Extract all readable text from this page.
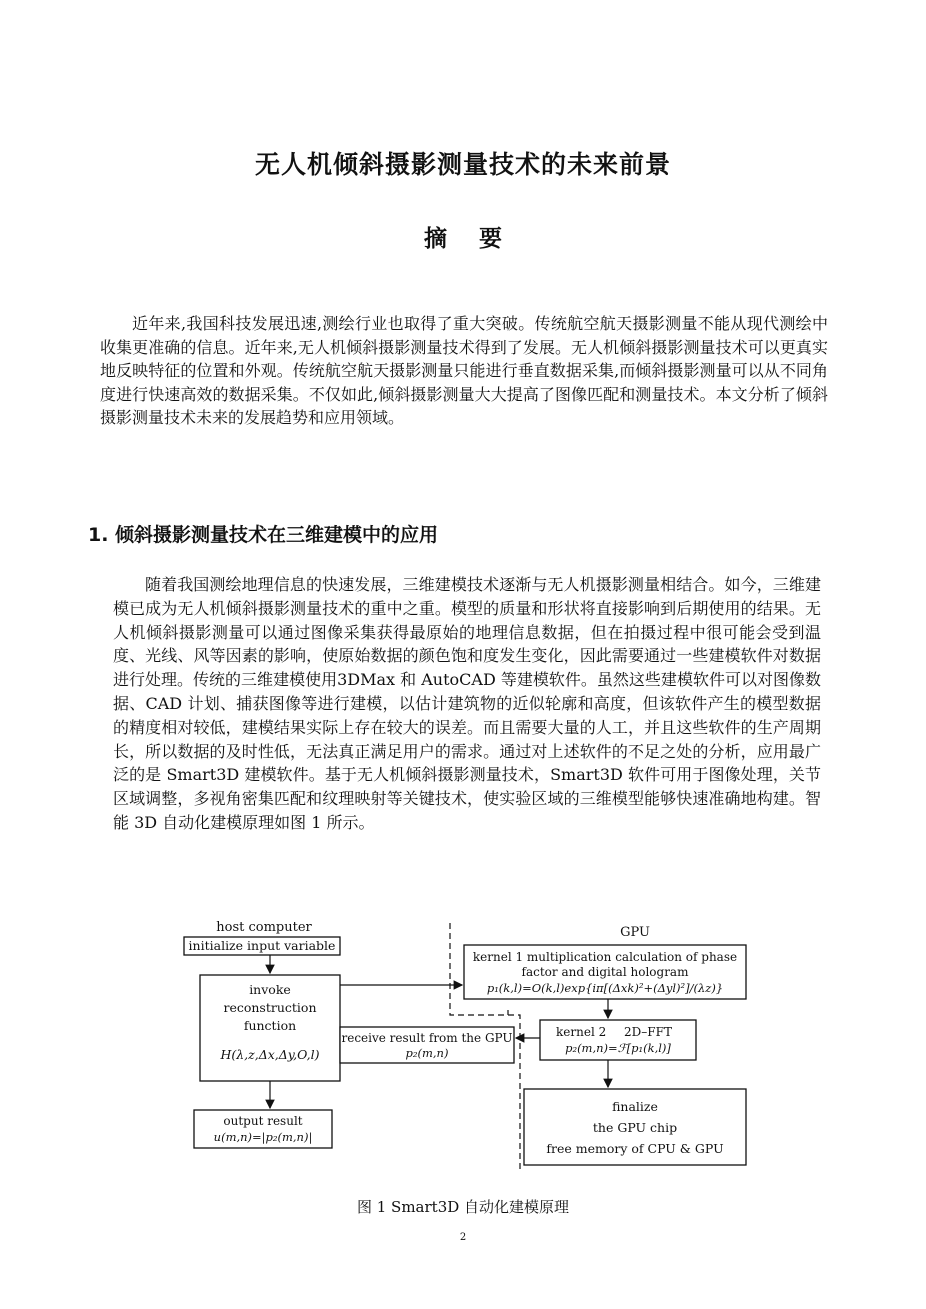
无人机倾斜摄影测量技术的未来前景
摘 要
近年来,我国科技发展迅速,测绘行业也取得了重大突破。传统航空航天摄影测量不能从现代测绘中收集更准确的信息。近年来,无人机倾斜摄影测量技术得到了发展。无人机倾斜摄影测量技术可以更真实地反映特征的位置和外观。传统航空航天摄影测量只能进行垂直数据采集,而倾斜摄影测量可以从不同角度进行快速高效的数据采集。不仅如此,倾斜摄影测量大大提高了图像匹配和测量技术。本文分析了倾斜摄影测量技术未来的发展趋势和应用领域。
1. 倾斜摄影测量技术在三维建模中的应用
随着我国测绘地理信息的快速发展，三维建模技术逐渐与无人机摄影测量相结合。如今，三维建模已成为无人机倾斜摄影测量技术的重中之重。模型的质量和形状将直接影响到后期使用的结果。无人机倾斜摄影测量可以通过图像采集获得最原始的地理信息数据，但在拍摄过程中很可能会受到温度、光线、风等因素的影响，使原始数据的颜色饱和度发生变化，因此需要通过一些建模软件对数据进行处理。传统的三维建模使用3DMax 和 AutoCAD 等建模软件。虽然这些建模软件可以对图像数据、CAD 计划、捕获图像等进行建模，以估计建筑物的近似轮廓和高度，但该软件产生的模型数据的精度相对较低，建模结果实际上存在较大的误差。而且需要大量的人工，并且这些软件的生产周期长，所以数据的及时性低，无法真正满足用户的需求。通过对上述软件的不足之处的分析，应用最广泛的是 Smart3D 建模软件。基于无人机倾斜摄影测量技术，Smart3D 软件可用于图像处理，关节区域调整，多视角密集匹配和纹理映射等关键技术，使实验区域的三维模型能够快速准确地构建。智能 3D 自动化建模原理如图 1 所示。
host computer
initialize input variable
invoke
reconstruction
function
H(λ,z,Δx,Δy,O,l)
GPU
kernel 1 multiplication calculation of phase
factor and digital hologram
p₁(k,l)=O(k,l)exp{iπ[(Δxk)²+(Δyl)²]/(λz)}
kernel 2 2D–FFT
p₂(m,n)=ℱ[p₁(k,l)]
receive result from the GPU
p₂(m,n)
output result
u(m,n)=|p₂(m,n)|
finalize
the GPU chip
free memory of CPU & GPU
图 1 Smart3D 自动化建模原理
2
